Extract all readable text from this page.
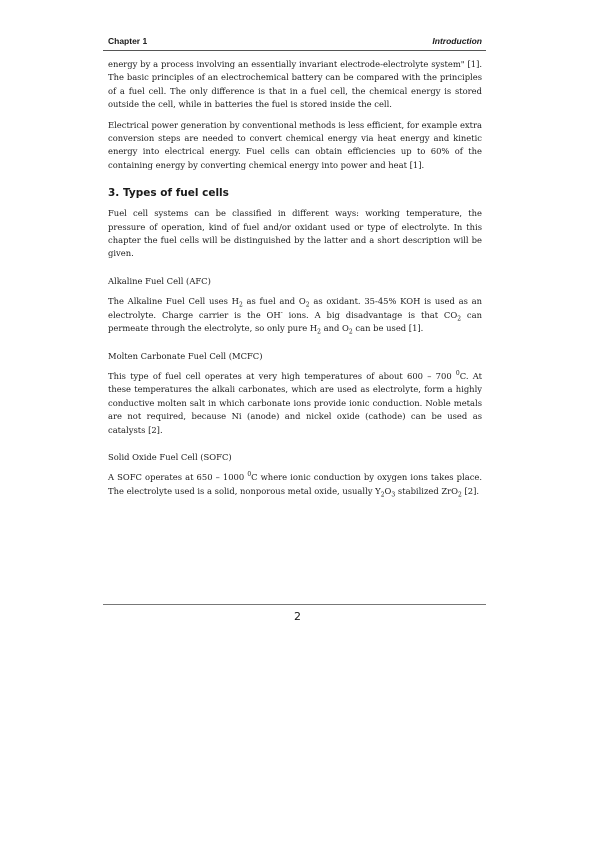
Chapter 1	Introduction

energy by a process involving an essentially invariant electrode-electrolyte system" [1]. The basic principles of an electrochemical battery can be compared with the principles of a fuel cell. The only difference is that in a fuel cell, the chemical energy is stored outside the cell, while in batteries the fuel is stored inside the cell.

Electrical power generation by conventional methods is less efficient, for example extra conversion steps are needed to convert chemical energy via heat energy and kinetic energy into electrical energy. Fuel cells can obtain efficiencies up to 60% of the containing energy by converting chemical energy into power and heat [1].

3. Types of fuel cells

Fuel cell systems can be classified in different ways: working temperature, the pressure of operation, kind of fuel and/or oxidant used or type of electrolyte. In this chapter the fuel cells will be distinguished by the latter and a short description will be given.

Alkaline Fuel Cell (AFC)

The Alkaline Fuel Cell uses $H_2$ as fuel and $O_2$ as oxidant. 35-45% KOH is used as an electrolyte. Charge carrier is the OH- ions. A big disadvantage is that $CO_2$ can permeate through the electrolyte, so only pure $H_2$ and $O_2$ can be used [1].

Molten Carbonate Fuel Cell (MCFC)

This type of fuel cell operates at very high temperatures of about 600 – 700 $^0$C. At these temperatures the alkali carbonates, which are used as electrolyte, form a highly conductive molten salt in which carbonate ions provide ionic conduction. Noble metals are not required, because Ni (anode) and nickel oxide (cathode) can be used as catalysts [2].

Solid Oxide Fuel Cell (SOFC)

A SOFC operates at 650 – 1000 $^0$C where ionic conduction by oxygen ions takes place. The electrolyte used is a solid, nonporous metal oxide, usually $Y_2O_3$ stabilized ZrO$_2$ [2].

2
